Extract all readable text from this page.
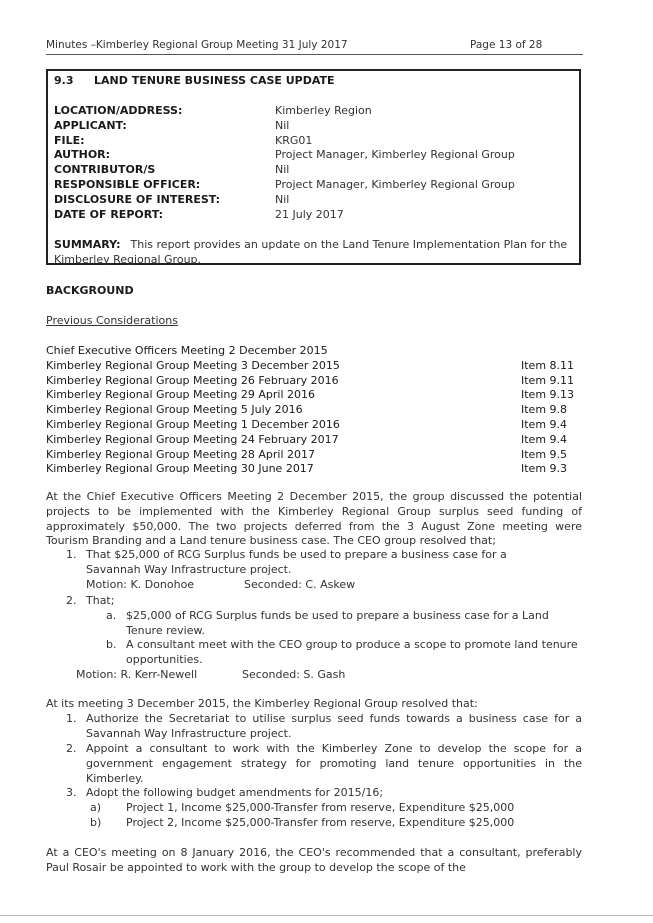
Minutes –Kimberley Regional Group Meeting 31 July 2017	Page 13 of 28
9.3 LAND TENURE BUSINESS CASE UPDATE
LOCATION/ADDRESS:	Kimberley Region
APPLICANT:	Nil
FILE:	KRG01
AUTHOR:	Project Manager, Kimberley Regional Group
CONTRIBUTOR/S	Nil
RESPONSIBLE OFFICER:	Project Manager, Kimberley Regional Group
DISCLOSURE OF INTEREST:	Nil
DATE OF REPORT:	21 July 2017
SUMMARY: This report provides an update on the Land Tenure Implementation Plan for the Kimberley Regional Group.
BACKGROUND
Previous Considerations
Chief Executive Officers Meeting 2 December 2015
Kimberley Regional Group Meeting 3 December 2015	Item 8.11
Kimberley Regional Group Meeting 26 February 2016	Item 9.11
Kimberley Regional Group Meeting 29 April 2016	Item 9.13
Kimberley Regional Group Meeting 5 July 2016	Item 9.8
Kimberley Regional Group Meeting 1 December 2016	Item 9.4
Kimberley Regional Group Meeting 24 February 2017	Item 9.4
Kimberley Regional Group Meeting 28 April 2017	Item 9.5
Kimberley Regional Group Meeting 30 June 2017	Item 9.3
At the Chief Executive Officers Meeting 2 December 2015, the group discussed the potential projects to be implemented with the Kimberley Regional Group surplus seed funding of approximately $50,000. The two projects deferred from the 3 August Zone meeting were Tourism Branding and a Land tenure business case. The CEO group resolved that;
1. That $25,000 of RCG Surplus funds be used to prepare a business case for a Savannah Way Infrastructure project.
Motion: K. Donohoe	Seconded: C. Askew
2. That;
a. $25,000 of RCG Surplus funds be used to prepare a business case for a Land Tenure review.
b. A consultant meet with the CEO group to produce a scope to promote land tenure opportunities.
Motion: R. Kerr-Newell	Seconded: S. Gash
At its meeting 3 December 2015, the Kimberley Regional Group resolved that:
1. Authorize the Secretariat to utilise surplus seed funds towards a business case for a Savannah Way Infrastructure project.
2. Appoint a consultant to work with the Kimberley Zone to develop the scope for a government engagement strategy for promoting land tenure opportunities in the Kimberley.
3. Adopt the following budget amendments for 2015/16;
a) Project 1, Income $25,000-Transfer from reserve, Expenditure $25,000
b) Project 2, Income $25,000-Transfer from reserve, Expenditure $25,000
At a CEO's meeting on 8 January 2016, the CEO's recommended that a consultant, preferably Paul Rosair be appointed to work with the group to develop the scope of the
